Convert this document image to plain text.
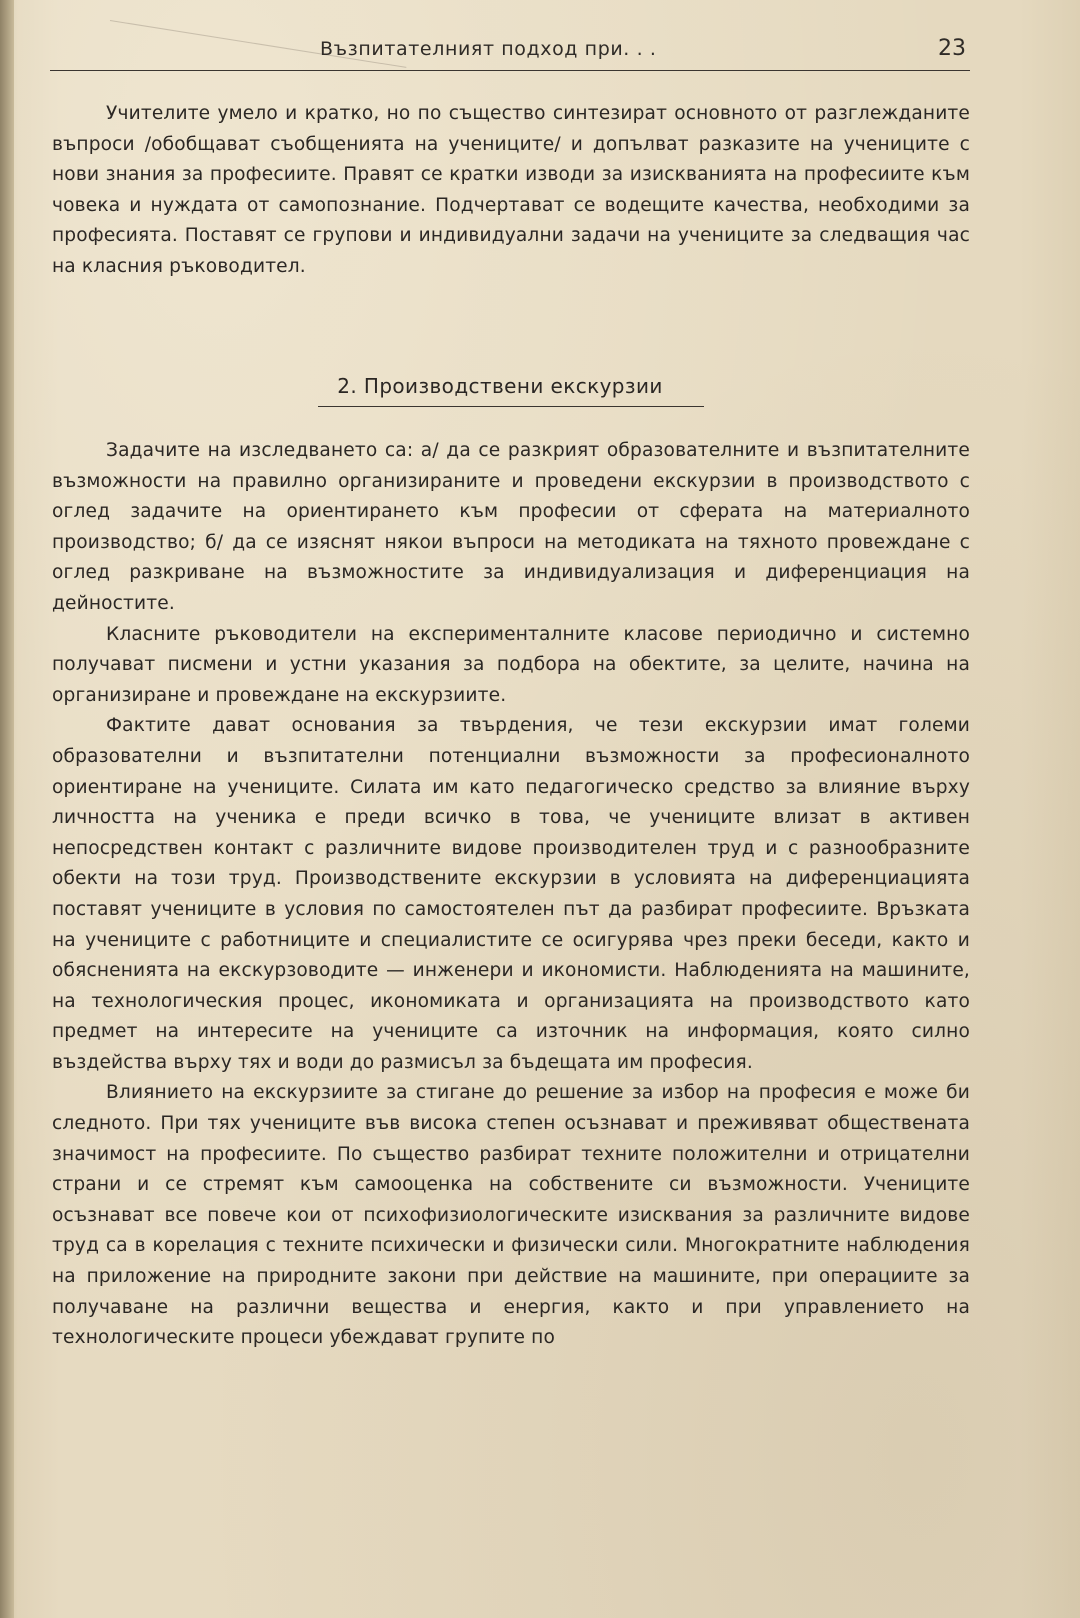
Възпитателният подход при. . .	23

Учителите умело и кратко, но по същество синтезират основното от разглежданите въпроси /обобщават съобщенията на учениците/ и допълват разказите на учениците с нови знания за професиите. Правят се кратки изводи за изискванията на професиите към човека и нуждата от самопознание. Подчертават се водещите качества, необходими за професията. Поставят се групови и индивидуални задачи на учениците за следващия час на класния ръководител.

2. Производствени екскурзии

Задачите на изследването са: а/ да се разкрият образователните и възпитателните възможности на правилно организираните и проведени екскурзии в производството с оглед задачите на ориентирането към професии от сферата на материалното производство; б/ да се изяснят някои въпроси на методиката на тяхното провеждане с оглед разкриване на възможностите за индивидуализация и диференциация на дейностите.

Класните ръководители на експерименталните класове периодично и системно получават писмени и устни указания за подбора на обектите, за целите, начина на организиране и провеждане на екскурзиите.

Фактите дават основания за твърдения, че тези екскурзии имат големи образователни и възпитателни потенциални възможности за професионалното ориентиране на учениците. Силата им като педагогическо средство за влияние върху личността на ученика е преди всичко в това, че учениците влизат в активен непосредствен контакт с различните видове производителен труд и с разнообразните обекти на този труд. Производствените екскурзии в условията на диференциацията поставят учениците в условия по самостоятелен път да разбират професиите. Връзката на учениците с работниците и специалистите се осигурява чрез преки беседи, както и обясненията на екскурзоводите — инженери и икономисти. Наблюденията на машините, на технологическия процес, икономиката и организацията на производството като предмет на интересите на учениците са източник на информация, която силно въздейства върху тях и води до размисъл за бъдещата им професия.

Влиянието на екскурзиите за стигане до решение за избор на професия е може би следното. При тях учениците във висока степен осъзнават и преживяват обществената значимост на професиите. По същество разбират техните положителни и отрицателни страни и се стремят към самооценка на собствените си възможности. Учениците осъзнават все повече кои от психофизиологическите изисквания за различните видове труд са в корелация с техните психически и физически сили. Многократните наблюдения на приложение на природните закони при действие на машините, при операциите за получаване на различни вещества и енергия, както и при управлението на технологическите процеси убеждават групите по
